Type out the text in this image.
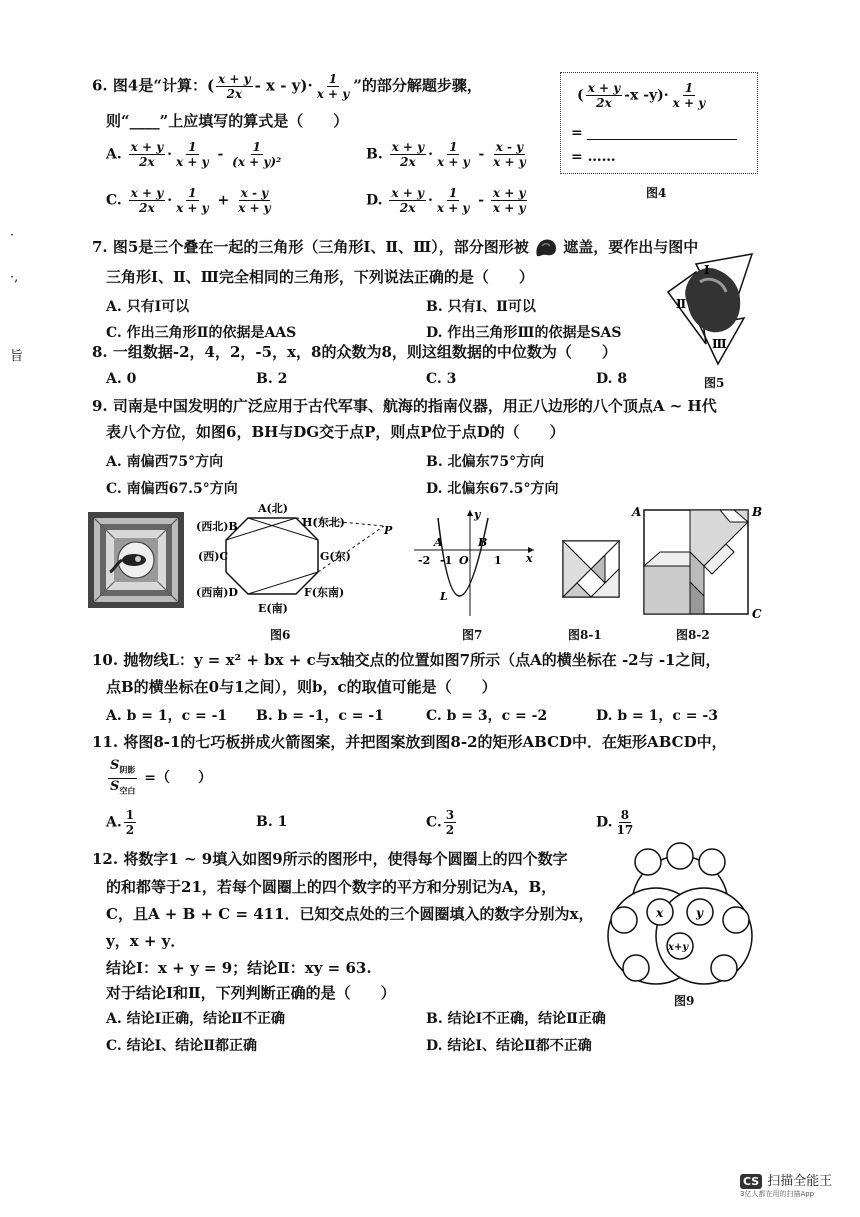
·
·,
旨
6. 图4是“计算：( $\frac{x + y}{2x} - x - y)\cdot \frac{1}{x + y}$ ”的部分解题步骤，
则“____”上应填写的算式是（　　）
A. $\frac{x + y}{2x} \cdot \frac{1}{x + y} - \frac{1}{\text{(x + y)²}}$	B. $\frac{x + y}{2x} \cdot \frac{1}{x + y} - \frac{x - y}{x + y}$
C. $\frac{x + y}{2x} \cdot \frac{1}{x + y} + \frac{x - y}{x + y}$	D. $\frac{x + y}{2x} \cdot \frac{1}{x + y} - \frac{x + y}{x + y}$
( $\frac{x + y}{2x} -x$ $-y)\cdot \frac{1}{x + y}$
=
= ……
图4
7. 图5是三个叠在一起的三角形（三角形Ⅰ、Ⅱ、Ⅲ），部分图形被 遮盖，要作出与图中
三角形Ⅰ、Ⅱ、Ⅲ完全相同的三角形，下列说法正确的是（　　）
A. 只有Ⅰ可以	B. 只有Ⅰ、Ⅱ可以
C. 作出三角形Ⅱ的依据是AAS	D. 作出三角形Ⅲ的依据是SAS
Ⅰ
Ⅱ
Ⅲ
8. 一组数据-2，4，2，-5，x，8的众数为8，则这组数据的中位数为（　　）
A. 0	B. 2	C. 3	D. 8	图5
9. 司南是中国发明的广泛应用于古代军事、航海的指南仪器，用正八边形的八个顶点A ~ H代
表八个方位，如图6，BH与DG交于点P，则点P位于点D的（　　）
A. 南偏西75°方向	B. 北偏东75°方向
C. 南偏西67.5°方向	D. 北偏东67.5°方向
A(北)
(西北)B	H(东北)
P
(西)C	G(东)
(西南)D	F(东南)
E(南)
图6
y
A	B
-2 -1 O 1 x
L
图7	图8-1
A	B
C
图8-2
10. 抛物线L：y = x² + bx + c与x轴交点的位置如图7所示（点A的横坐标在 -2与 -1之间，
点B的横坐标在0与1之间），则b，c的取值可能是（　　）
A. b = 1，c = -1 B. b = -1，c = -1	C. b = 3，c = -2	D. b = 1，c = -3
11. 将图8-1的七巧板拼成火箭图案，并把图案放到图8-2的矩形ABCD中．在矩形ABCD中，
$\frac{S_{阴影}}{S_{空白}}$ =（　　）
A. $\frac{1}{2}$	B. 1	C. $\frac{3}{2}$	D. $\frac{8}{17}$
12. 将数字1 ~ 9填入如图9所示的图形中，使得每个圆圈上的四个数字
的和都等于21，若每个圆圈上的四个数字的平方和分别记为A，B，
C，且A + B + C = 411．已知交点处的三个圆圈填入的数字分别为x，
y，x + y．
结论Ⅰ：x + y = 9；结论Ⅱ：xy = 63.
对于结论Ⅰ和Ⅱ，下列判断正确的是（　　）
A. 结论Ⅰ正确，结论Ⅱ不正确	B. 结论Ⅰ不正确，结论Ⅱ正确
C. 结论Ⅰ、结论Ⅱ都正确	D. 结论Ⅰ、结论Ⅱ都不正确
x	y
x+y
图9
CS 扫描全能王
3亿人都在用的扫描App
